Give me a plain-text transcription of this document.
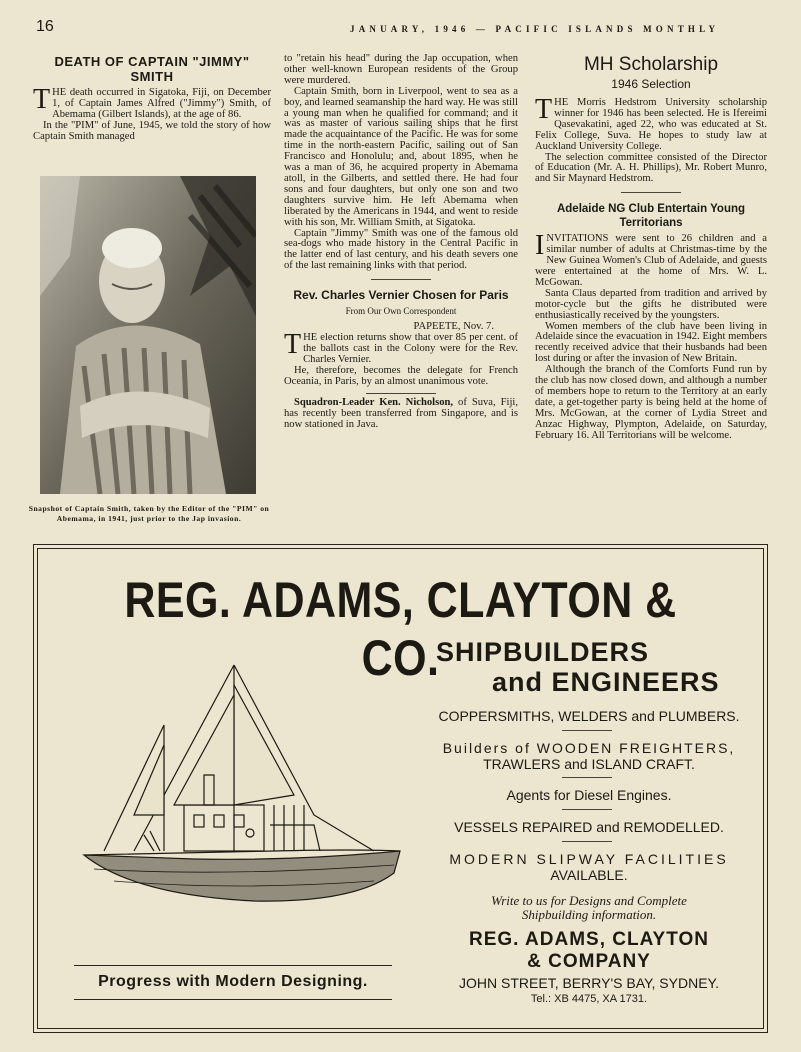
16	JANUARY, 1946 — PACIFIC ISLANDS MONTHLY
DEATH OF CAPTAIN "JIMMY" SMITH

THE death occurred in Sigatoka, Fiji, on December 1, of Captain James Alfred ("Jimmy") Smith, of Abemama (Gilbert Islands), at the age of 86.

In the "PIM" of June, 1945, we told the story of how Captain Smith managed

Snapshot of Captain Smith, taken by the Editor of the "PIM" on Abemama, in 1941, just prior to the Jap invasion.

to "retain his head" during the Jap occupation, when other well-known European residents of the Group were murdered.

Captain Smith, born in Liverpool, went to sea as a boy, and learned seamanship the hard way. He was still a young man when he qualified for command; and it was as master of various sailing ships that he first made the acquaintance of the Pacific. He was for some time in the north-eastern Pacific, sailing out of San Francisco and Honolulu; and, about 1895, when he was a man of 36, he acquired property in Abemama atoll, in the Gilberts, and settled there. He had four sons and four daughters, but only one son and two daughters survive him. He left Abemama when liberated by the Americans in 1944, and went to reside with his son, Mr. William Smith, at Sigatoka.

Captain "Jimmy" Smith was one of the famous old sea-dogs who made history in the Central Pacific in the latter end of last century, and his death severs one of the last remaining links with that period.

Rev. Charles Vernier Chosen for Paris
From Our Own Correspondent
PAPEETE, Nov. 7.

THE election returns show that over 85 per cent. of the ballots cast in the Colony were for the Rev. Charles Vernier.

He, therefore, becomes the delegate for French Oceania, in Paris, by an almost unanimous vote.

Squadron-Leader Ken. Nicholson, of Suva, Fiji, has recently been transferred from Singapore, and is now stationed in Java.

MH Scholarship
1946 Selection

THE Morris Hedstrom University scholarship winner for 1946 has been selected. He is Ifereimi Qasevakatini, aged 22, who was educated at St. Felix College, Suva. He hopes to study law at Auckland University College.

The selection committee consisted of the Director of Education (Mr. A. H. Phillips), Mr. Robert Munro, and Sir Maynard Hedstrom.

Adelaide NG Club Entertain Young Territorians

INVITATIONS were sent to 26 children and a similar number of adults at Christmas-time by the New Guinea Women's Club of Adelaide, and guests were entertained at the home of Mrs. W. L. McGowan.

Santa Claus departed from tradition and arrived by motor-cycle but the gifts he distributed were enthusiastically received by the youngsters.

Women members of the club have been living in Adelaide since the evacuation in 1942. Eight members recently received advice that their husbands had been lost during or after the invasion of New Britain.

Although the branch of the Comforts Fund run by the club has now closed down, and although a number of members hope to return to the Territory at an early date, a get-together party is being held at the home of Mrs. McGowan, at the corner of Lydia Street and Anzac Highway, Plympton, Adelaide, on Saturday, February 16. All Territorians will be welcome.

REG. ADAMS, CLAYTON & CO.
SHIPBUILDERS
and ENGINEERS
COPPERSMITHS, WELDERS and PLUMBERS.
Builders of WOODEN FREIGHTERS,
TRAWLERS and ISLAND CRAFT.
Agents for Diesel Engines.
VESSELS REPAIRED and REMODELLED.
MODERN SLIPWAY FACILITIES
AVAILABLE.
Write to us for Designs and Complete
Shipbuilding information.
REG. ADAMS, CLAYTON
& COMPANY
JOHN STREET, BERRY'S BAY, SYDNEY.
Tel.: XB 4475, XA 1731.
Progress with Modern Designing.
